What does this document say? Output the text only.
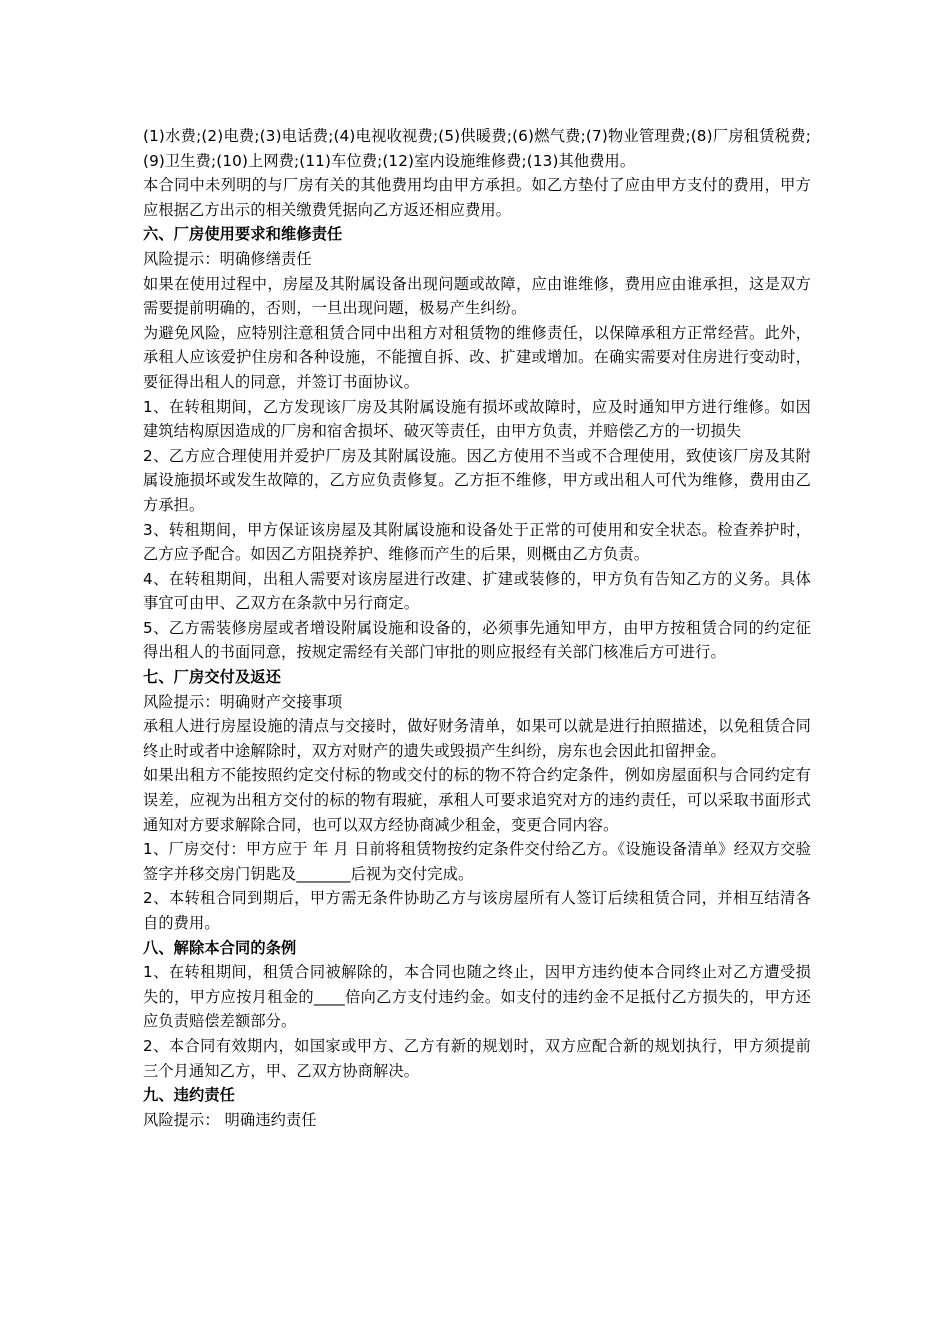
(1)水费;(2)电费;(3)电话费;(4)电视收视费;(5)供暖费;(6)燃气费;(7)物业管理费;(8)厂房租赁税费;(9)卫生费;(10)上网费;(11)车位费;(12)室内设施维修费;(13)其他费用。

本合同中未列明的与厂房有关的其他费用均由甲方承担。如乙方垫付了应由甲方支付的费用，甲方应根据乙方出示的相关缴费凭据向乙方返还相应费用。

六、厂房使用要求和维修责任

风险提示：明确修缮责任

如果在使用过程中，房屋及其附属设备出现问题或故障，应由谁维修，费用应由谁承担，这是双方需要提前明确的，否则，一旦出现问题，极易产生纠纷。

为避免风险，应特别注意租赁合同中出租方对租赁物的维修责任，以保障承租方正常经营。此外，承租人应该爱护住房和各种设施，不能擅自拆、改、扩建或增加。在确实需要对住房进行变动时，要征得出租人的同意，并签订书面协议。

1、在转租期间，乙方发现该厂房及其附属设施有损坏或故障时，应及时通知甲方进行维修。如因建筑结构原因造成的厂房和宿舍损坏、破灭等责任，由甲方负责，并赔偿乙方的一切损失

2、乙方应合理使用并爱护厂房及其附属设施。因乙方使用不当或不合理使用，致使该厂房及其附属设施损坏或发生故障的，乙方应负责修复。乙方拒不维修，甲方或出租人可代为维修，费用由乙方承担。

3、转租期间，甲方保证该房屋及其附属设施和设备处于正常的可使用和安全状态。检查养护时，乙方应予配合。如因乙方阻挠养护、维修而产生的后果，则概由乙方负责。

4、在转租期间，出租人需要对该房屋进行改建、扩建或装修的，甲方负有告知乙方的义务。具体事宜可由甲、乙双方在条款中另行商定。

5、乙方需装修房屋或者增设附属设施和设备的，必须事先通知甲方，由甲方按租赁合同的约定征得出租人的书面同意，按规定需经有关部门审批的则应报经有关部门核准后方可进行。

七、厂房交付及返还

风险提示：明确财产交接事项

承租人进行房屋设施的清点与交接时，做好财务清单，如果可以就是进行拍照描述，以免租赁合同终止时或者中途解除时，双方对财产的遗失或毁损产生纠纷，房东也会因此扣留押金。

如果出租方不能按照约定交付标的物或交付的标的物不符合约定条件，例如房屋面积与合同约定有误差，应视为出租方交付的标的物有瑕疵，承租人可要求追究对方的违约责任，可以采取书面形式通知对方要求解除合同，也可以双方经协商减少租金，变更合同内容。

1、厂房交付：甲方应于 年 月 日前将租赁物按约定条件交付给乙方。《设施设备清单》经双方交验签字并移交房门钥匙及_______后视为交付完成。

2、本转租合同到期后，甲方需无条件协助乙方与该房屋所有人签订后续租赁合同，并相互结清各自的费用。

八、解除本合同的条例

1、在转租期间，租赁合同被解除的，本合同也随之终止，因甲方违约使本合同终止对乙方遭受损失的，甲方应按月租金的____倍向乙方支付违约金。如支付的违约金不足抵付乙方损失的，甲方还应负责赔偿差额部分。

2、本合同有效期内，如国家或甲方、乙方有新的规划时，双方应配合新的规划执行，甲方须提前三个月通知乙方，甲、乙双方协商解决。

九、违约责任

风险提示： 明确违约责任
